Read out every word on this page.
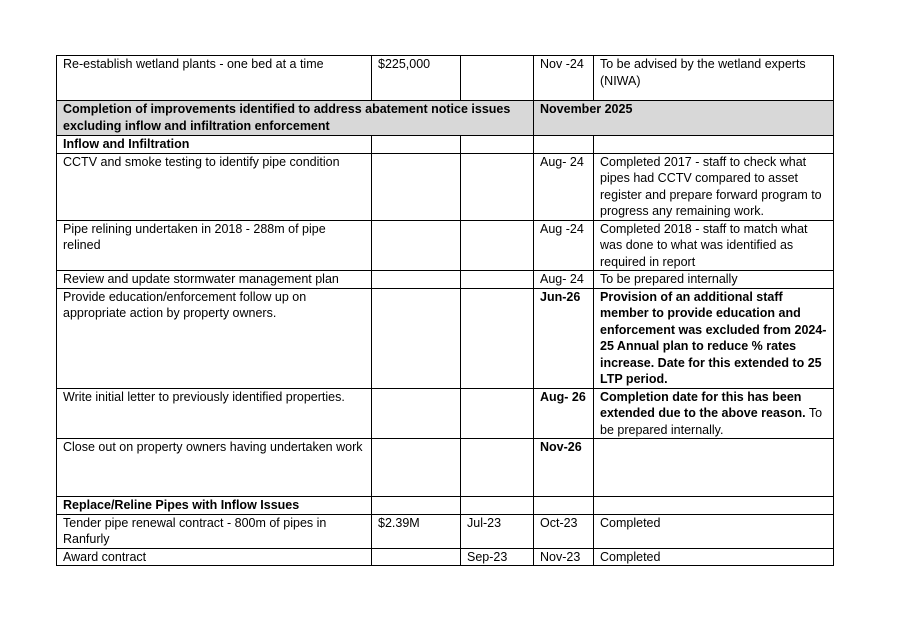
Re-establish wetland plants - one bed at a time	$225,000		Nov -24	To be advised by the wetland experts (NIWA)

Completion of improvements identified to address abatement notice issues excluding inflow and infiltration enforcement			November 2025	

Inflow and Infiltration				

CCTV and smoke testing to identify pipe condition			Aug- 24	Completed 2017 - staff to check what pipes had CCTV compared to asset register and prepare forward program to progress any remaining work.

Pipe relining undertaken in 2018 - 288m of pipe relined			Aug -24	Completed 2018 - staff to match what was done to what was identified as required in report

Review and update stormwater management plan			Aug- 24	To be prepared internally

Provide education/enforcement follow up on appropriate action by property owners.			Jun-26	Provision of an additional staff member to provide education and enforcement was excluded from 2024-25 Annual plan to reduce % rates increase. Date for this extended to 25 LTP period.

Write initial letter to previously identified properties.			Aug- 26	Completion date for this has been extended due to the above reason. To be prepared internally.

Close out on property owners having undertaken work			Nov-26	

Replace/Reline Pipes with Inflow Issues				

Tender pipe renewal contract - 800m of pipes in Ranfurly	$2.39M	Jul-23	Oct-23	Completed

Award contract		Sep-23	Nov-23	Completed
